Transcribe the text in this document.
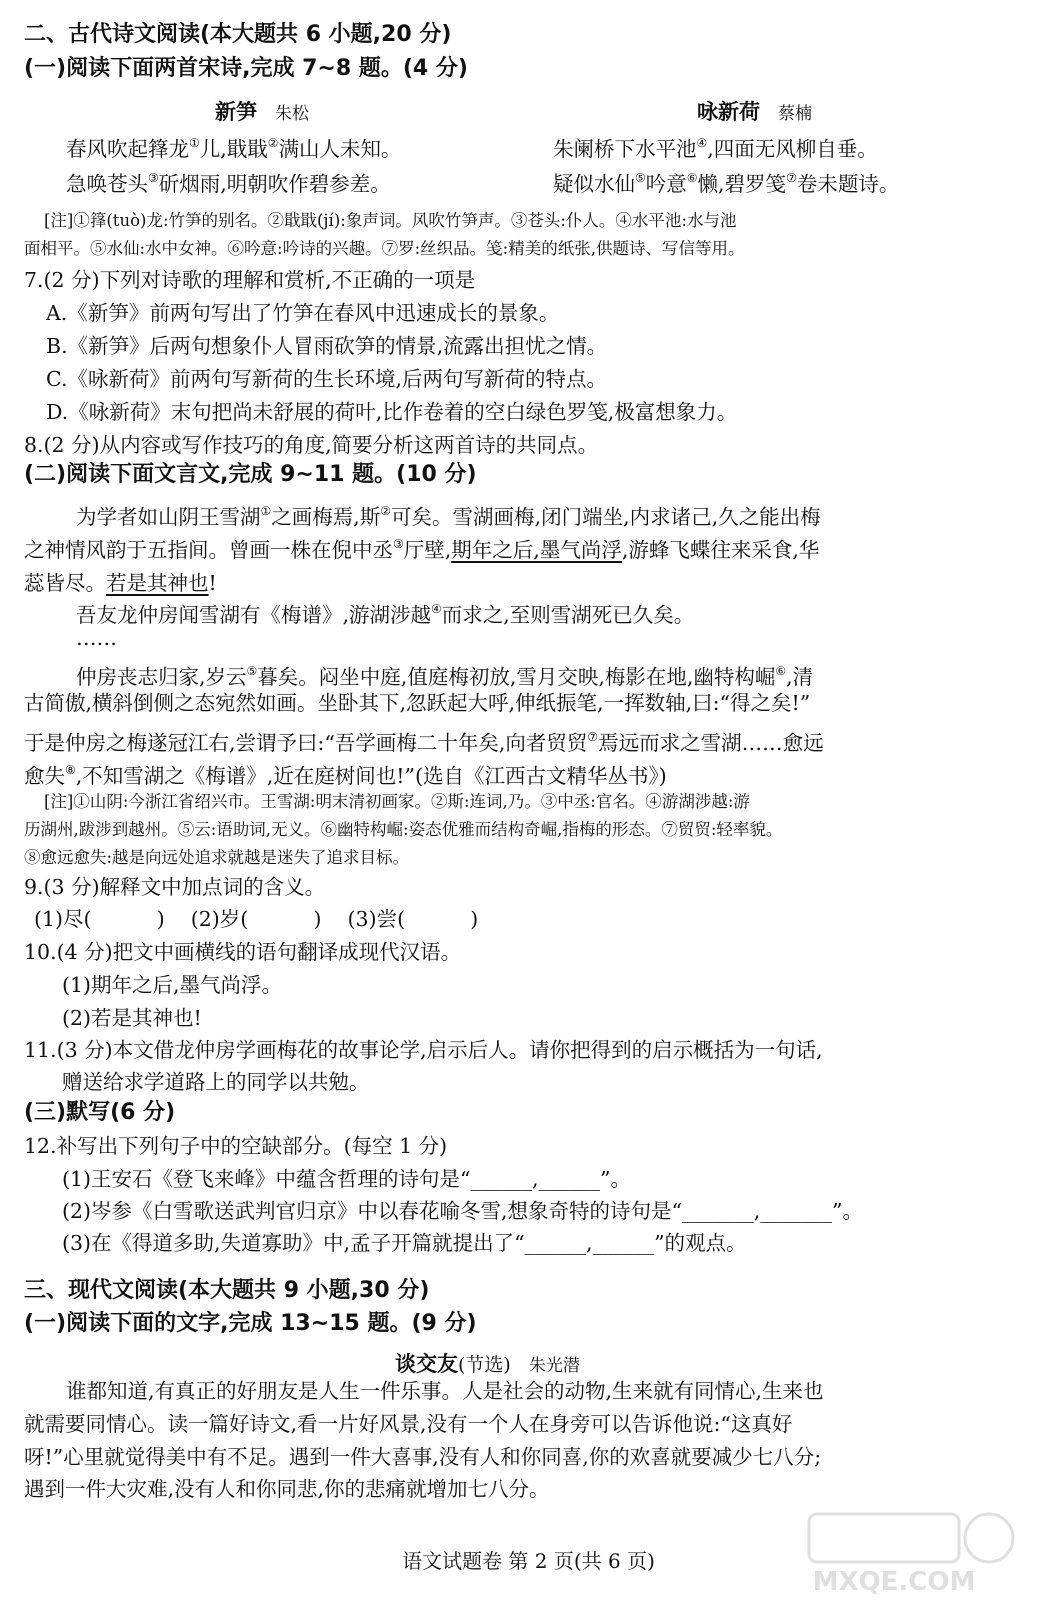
二、古代诗文阅读(本大题共 6 小题,20 分)
(一)阅读下面两首宋诗,完成 7~8 题。(4 分)
新笋 朱松	咏新荷 蔡楠
春风吹起箨龙①儿,戢戢②满山人未知。
急唤苍头③斫烟雨,明朝吹作碧参差。
朱阑桥下水平池④,四面无风柳自垂。
疑似水仙⑤吟意⑥懒,碧罗笺⑦卷未题诗。
[注]①箨(tuò)龙:竹笋的别名。②戢戢(jí):象声词。风吹竹笋声。③苍头:仆人。④水平池:水与池
面相平。⑤水仙:水中女神。⑥吟意:吟诗的兴趣。⑦罗:丝织品。笺:精美的纸张,供题诗、写信等用。
7.(2 分)下列对诗歌的理解和赏析,不正确的一项是
A.《新笋》前两句写出了竹笋在春风中迅速成长的景象。
B.《新笋》后两句想象仆人冒雨砍笋的情景,流露出担忧之情。
C.《咏新荷》前两句写新荷的生长环境,后两句写新荷的特点。
D.《咏新荷》末句把尚未舒展的荷叶,比作卷着的空白绿色罗笺,极富想象力。
8.(2 分)从内容或写作技巧的角度,简要分析这两首诗的共同点。
(二)阅读下面文言文,完成 9~11 题。(10 分)
为学者如山阴王雪湖①之画梅焉,斯②可矣。雪湖画梅,闭门端坐,内求诸己,久之能出梅
之神情风韵于五指间。曾画一株在倪中丞③厅壁,期年之后,墨气尚浮,游蜂飞蝶往来采食,华
蕊皆尽。若是其神也!
吾友龙仲房闻雪湖有《梅谱》,游湖涉越④而求之,至则雪湖死已久矣。
……
仲房丧志归家,岁云⑤暮矣。闷坐中庭,值庭梅初放,雪月交映,梅影在地,幽特构崛⑥,清
古简傲,横斜倒侧之态宛然如画。坐卧其下,忽跃起大呼,伸纸振笔,一挥数轴,曰:“得之矣!”
于是仲房之梅遂冠江右,尝谓予曰:“吾学画梅二十年矣,向者贸贸⑦焉远而求之雪湖……愈远
愈失⑧,不知雪湖之《梅谱》,近在庭树间也!”(选自《江西古文精华丛书》)
[注]①山阴:今浙江省绍兴市。王雪湖:明末清初画家。②斯:连词,乃。③中丞:官名。④游湖涉越:游
历湖州,跋涉到越州。⑤云:语助词,无义。⑥幽特构崛:姿态优雅而结构奇崛,指梅的形态。⑦贸贸:轻率貌。
⑧愈远愈失:越是向远处追求就越是迷失了追求目标。
9.(3 分)解释文中加点词的含义。
(1)尽(          )    (2)岁(          )    (3)尝(          )
10.(4 分)把文中画横线的语句翻译成现代汉语。
(1)期年之后,墨气尚浮。
(2)若是其神也!
11.(3 分)本文借龙仲房学画梅花的故事论学,启示后人。请你把得到的启示概括为一句话,
赠送给求学道路上的同学以共勉。
(三)默写(6 分)
12.补写出下列句子中的空缺部分。(每空 1 分)
(1)王安石《登飞来峰》中蕴含哲理的诗句是“______,______”。
(2)岑参《白雪歌送武判官归京》中以春花喻冬雪,想象奇特的诗句是“_______,_______”。
(3)在《得道多助,失道寡助》中,孟子开篇就提出了“______,______”的观点。
三、现代文阅读(本大题共 9 小题,30 分)
(一)阅读下面的文字,完成 13~15 题。(9 分)
谈交友(节选) 朱光潜
谁都知道,有真正的好朋友是人生一件乐事。人是社会的动物,生来就有同情心,生来也
就需要同情心。读一篇好诗文,看一片好风景,没有一个人在身旁可以告诉他说:“这真好
呀!”心里就觉得美中有不足。遇到一件大喜事,没有人和你同喜,你的欢喜就要减少七八分;
遇到一件大灾难,没有人和你同悲,你的悲痛就增加七八分。
语文试题卷 第 2 页(共 6 页)
MXQE.COM
